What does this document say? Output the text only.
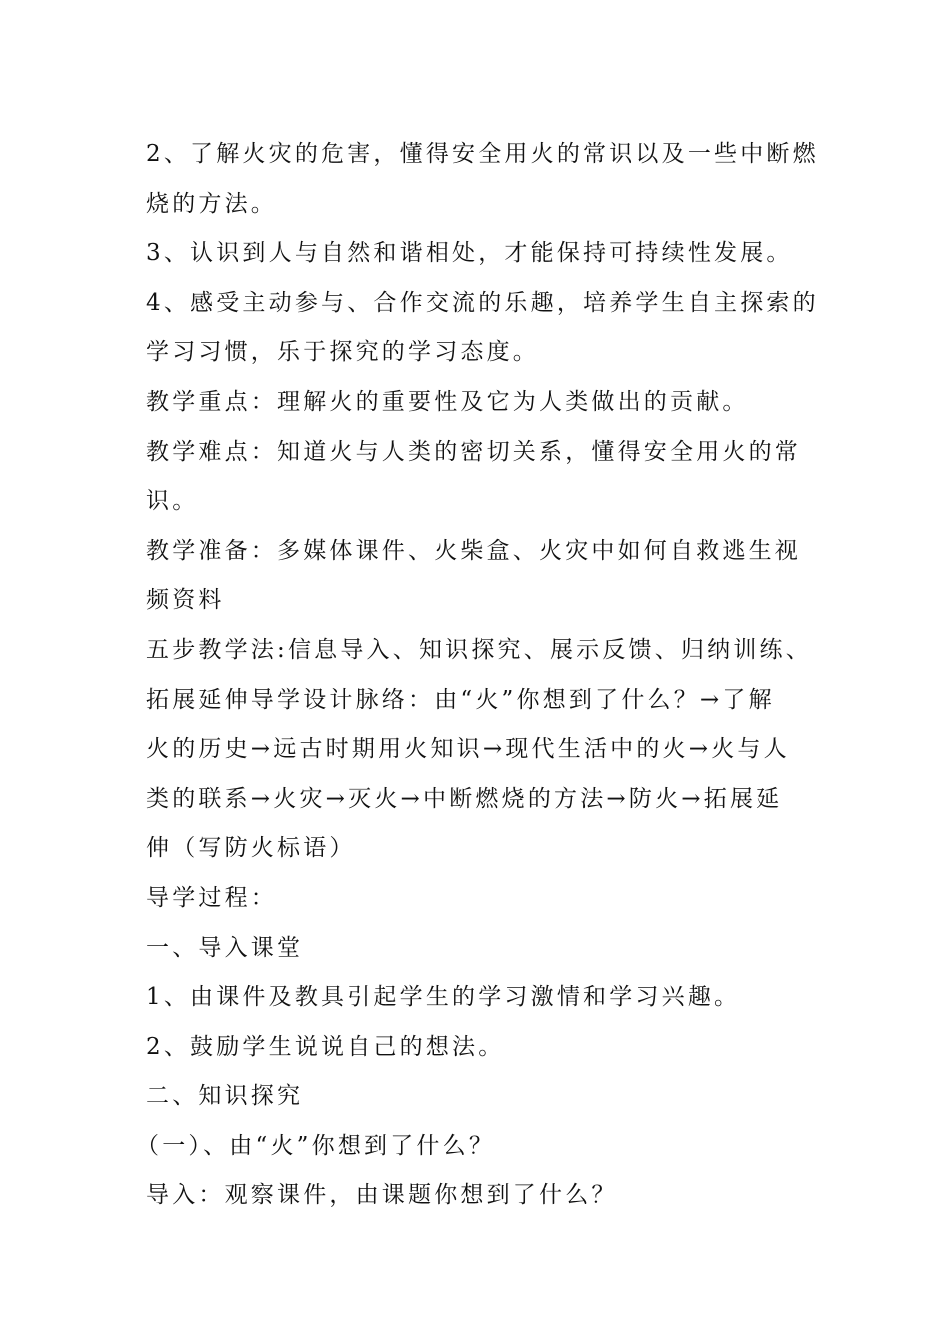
2、了解火灾的危害，懂得安全用火的常识以及一些中断燃
烧的方法。
3、认识到人与自然和谐相处，才能保持可持续性发展。
4、感受主动参与、合作交流的乐趣，培养学生自主探索的
学习习惯，乐于探究的学习态度。
教学重点：理解火的重要性及它为人类做出的贡献。
教学难点：知道火与人类的密切关系，懂得安全用火的常
识。
教学准备：多媒体课件、火柴盒、火灾中如何自救逃生视
频资料
五步教学法:信息导入、知识探究、展示反馈、归纳训练、
拓展延伸导学设计脉络：由“火”你想到了什么？→了解
火的历史→远古时期用火知识→现代生活中的火→火与人
类的联系→火灾→灭火→中断燃烧的方法→防火→拓展延
伸（写防火标语）
导学过程：
一、导入课堂
1、由课件及教具引起学生的学习激情和学习兴趣。
2、鼓励学生说说自己的想法。
二、知识探究
（一）、由“火”你想到了什么？
导入：观察课件，由课题你想到了什么？
